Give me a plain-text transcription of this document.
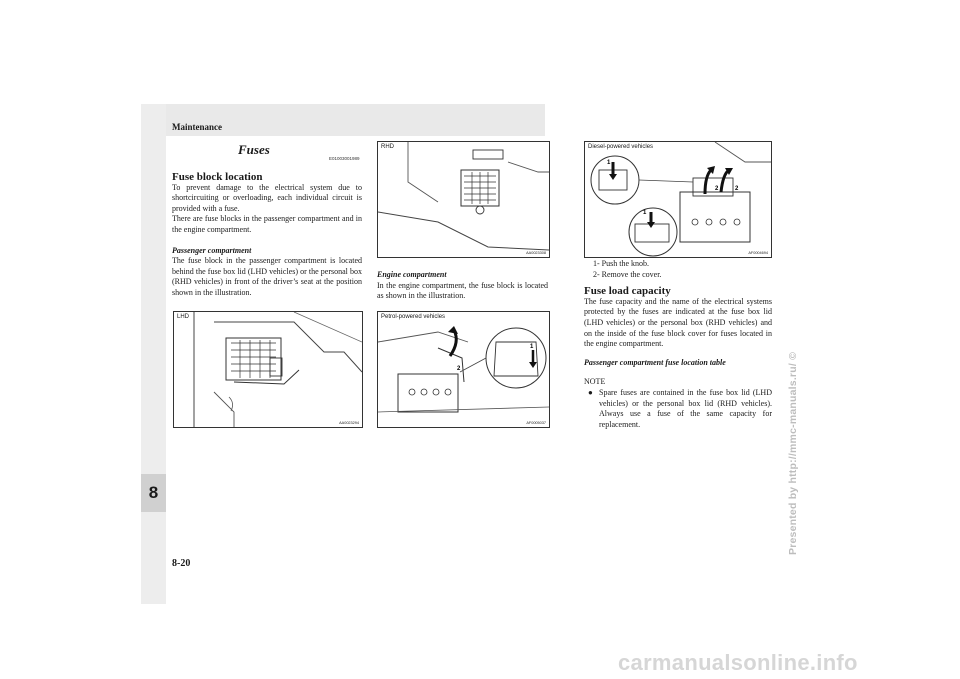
Maintenance
8
8-20
Presented by http://mmc-manuals.ru/ ©
carmanualsonline.info
Fuses
E01003001989
Fuse block location

To prevent damage to the electrical system due to shortcircuiting or overloading, each individual circuit is provided with a fuse.

There are fuse blocks in the passenger compartment and in the engine compartment.

Passenger compartment

The fuse block in the passenger compartment is located behind the fuse box lid (LHD vehicles) or the personal box (RHD vehicles) in front of the driver’s seat at the position shown in the illustration.

LHD
AA0023294
RHD
AA0023308

Engine compartment

In the engine compartment, the fuse block is located as shown in the illustration.

1
2
Petrol-powered vehicles
AF0005037
1
2
1
2
Diesel-powered vehicles
AF0004694
1- Push the knob.
2- Remove the cover.
Fuse load capacity

The fuse capacity and the name of the electrical systems protected by the fuses are indicated at the fuse box lid (LHD vehicles) or the personal box (RHD vehicles) and on the inside of the fuse block cover for fuses located in the engine compartment.

Passenger compartment fuse location table

NOTE

● Spare fuses are contained in the fuse box lid (LHD vehicles) or the personal box lid (RHD vehicles). Always use a fuse of the same capacity for replacement.
